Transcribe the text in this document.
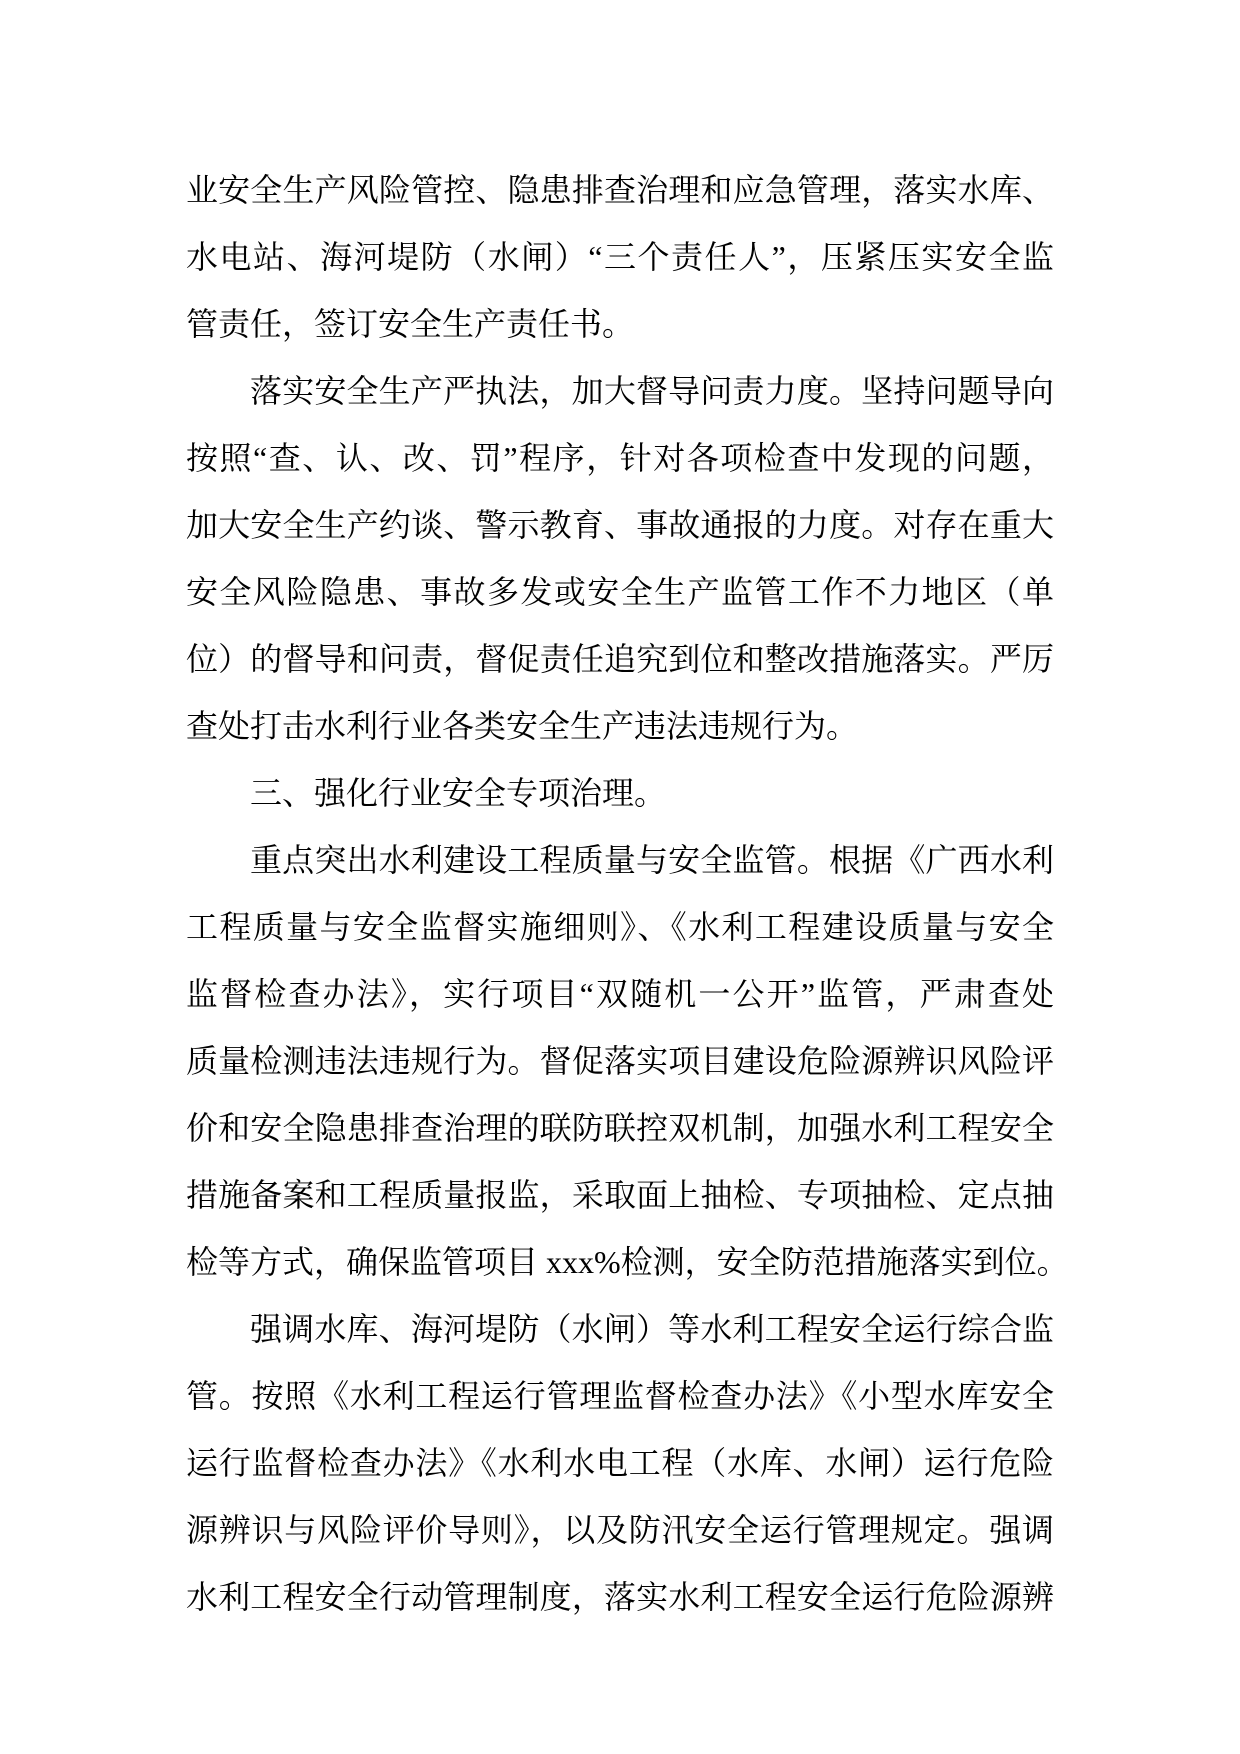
业安全生产风险管控、隐患排查治理和应急管理，落实水库、
水电站、海河堤防（水闸）“三个责任人”，压紧压实安全监
管责任，签订安全生产责任书。
落实安全生产严执法，加大督导问责力度。坚持问题导向
按照“查、认、改、罚”程序，针对各项检查中发现的问题，
加大安全生产约谈、警示教育、事故通报的力度。对存在重大
安全风险隐患、事故多发或安全生产监管工作不力地区（单
位）的督导和问责，督促责任追究到位和整改措施落实。严厉
查处打击水利行业各类安全生产违法违规行为。
三、强化行业安全专项治理。
重点突出水利建设工程质量与安全监管。根据《广西水利
工程质量与安全监督实施细则》、《水利工程建设质量与安全
监督检查办法》，实行项目“双随机一公开”监管，严肃查处
质量检测违法违规行为。督促落实项目建设危险源辨识风险评
价和安全隐患排查治理的联防联控双机制，加强水利工程安全
措施备案和工程质量报监，采取面上抽检、专项抽检、定点抽
检等方式，确保监管项目 xxx%检测，安全防范措施落实到位。
强调水库、海河堤防（水闸）等水利工程安全运行综合监
管。按照《水利工程运行管理监督检查办法》《小型水库安全
运行监督检查办法》《水利水电工程（水库、水闸）运行危险
源辨识与风险评价导则》，以及防汛安全运行管理规定。强调
水利工程安全行动管理制度，落实水利工程安全运行危险源辨
